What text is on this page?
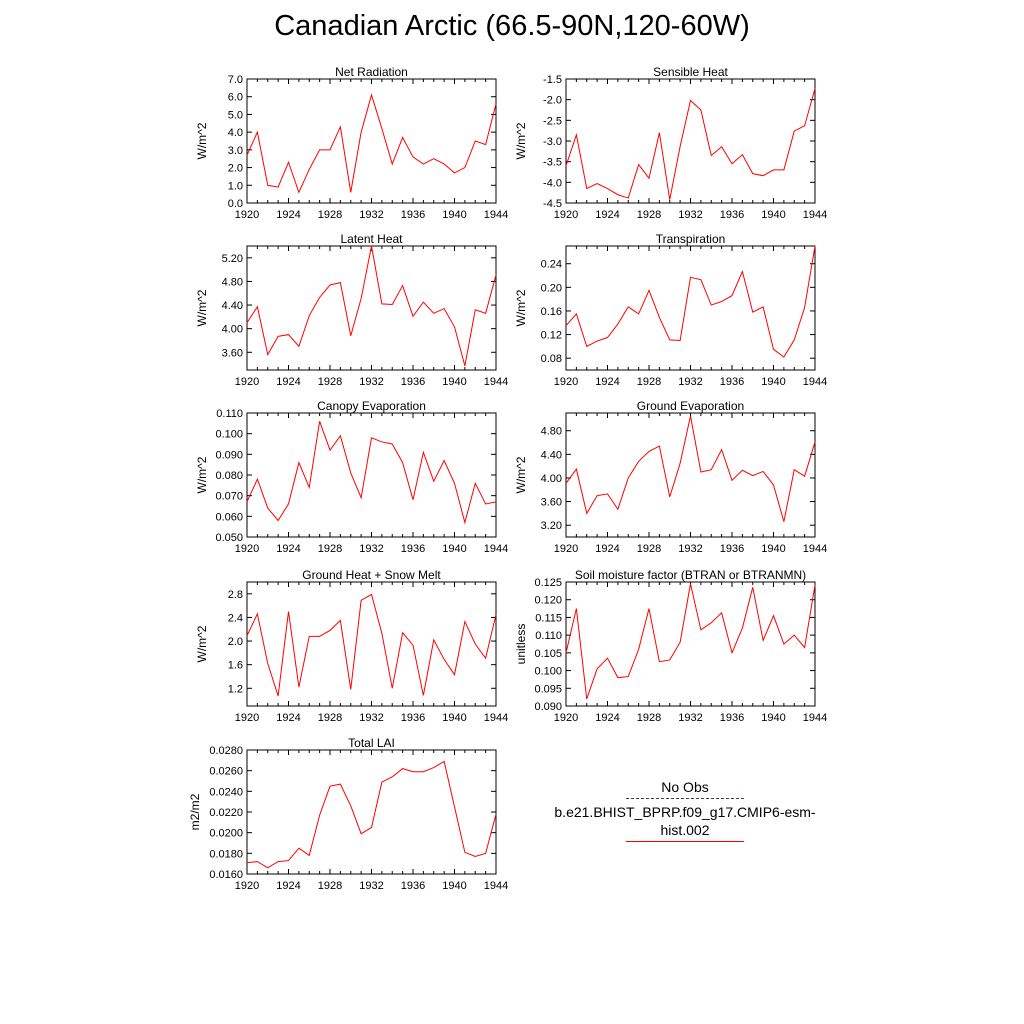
Canadian Arctic (66.5-90N,120-60W)
Net Radiation
1920 1924 1928 1932 1936 1940 1944
0.0
1.0
2.0
3.0
4.0
5.0
6.0
7.0
W/m^2
Sensible Heat
1920 1924 1928 1932 1936 1940 1944
-4.5
-4.0
-3.5
-3.0
-2.5
-2.0
-1.5
W/m^2
Latent Heat
1920 1924 1928 1932 1936 1940 1944
3.60
4.00
4.40
4.80
5.20
W/m^2
Transpiration
1920 1924 1928 1932 1936 1940 1944
0.08
0.12
0.16
0.20
0.24
W/m^2
Canopy Evaporation
1920 1924 1928 1932 1936 1940 1944
0.050
0.060
0.070
0.080
0.090
0.100
0.110
W/m^2
Ground Evaporation
1920 1924 1928 1932 1936 1940 1944
3.20
3.60
4.00
4.40
4.80
W/m^2
Ground Heat + Snow Melt
1920 1924 1928 1932 1936 1940 1944
1.2
1.6
2.0
2.4
2.8
W/m^2
Soil moisture factor (BTRAN or BTRANMN)
1920 1924 1928 1932 1936 1940 1944
0.090
0.095
0.100
0.105
0.110
0.115
0.120
0.125
unitless
Total LAI
1920 1924 1928 1932 1936 1940 1944
0.0160
0.0180
0.0200
0.0220
0.0240
0.0260
0.0280
m2/m2
No Obs
b.e21.BHIST_BPRP.f09_g17.CMIP6-esm-hist.002
